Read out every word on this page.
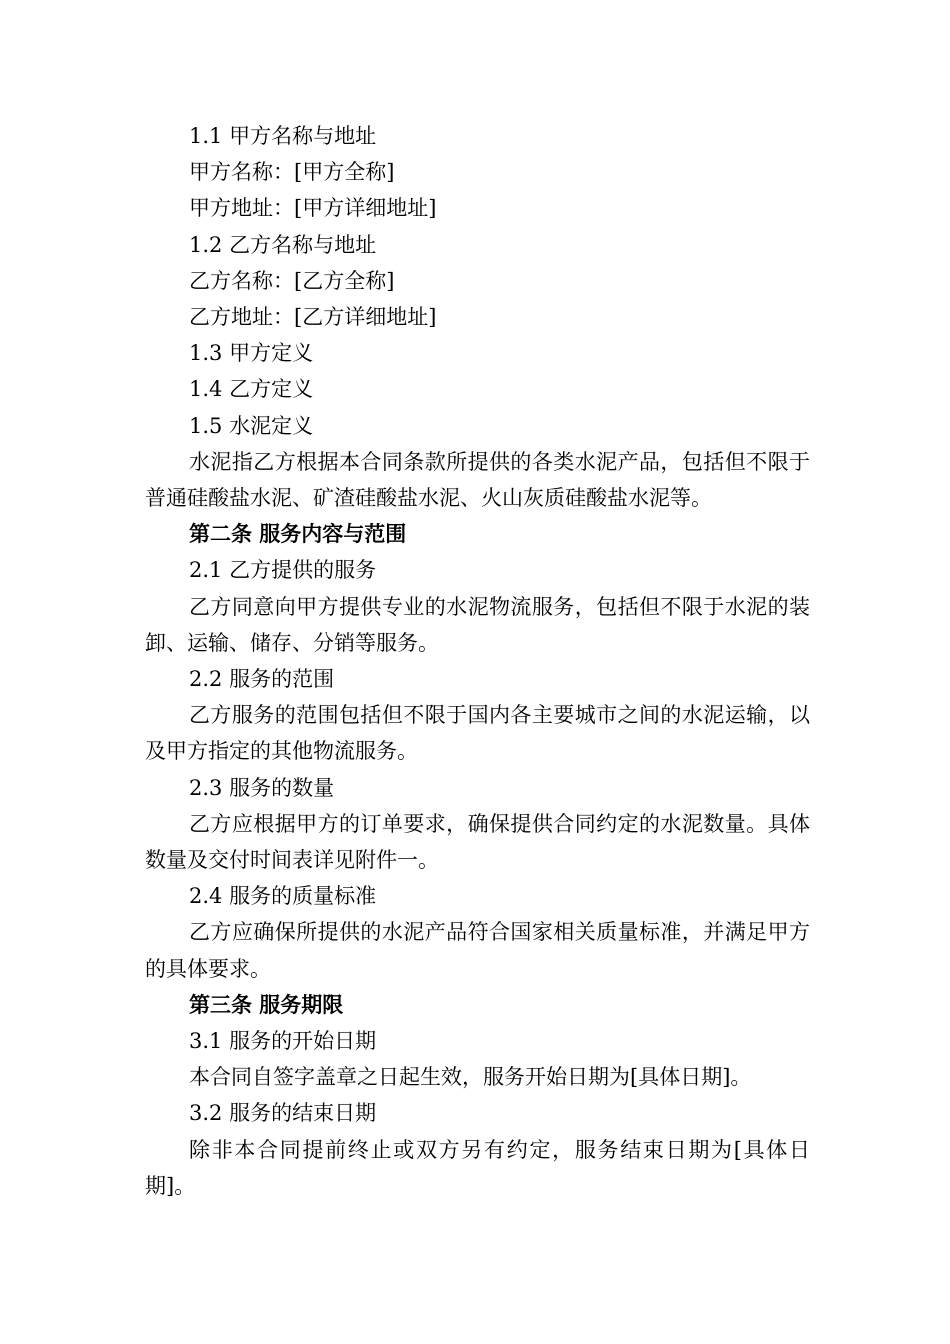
1.1 甲方名称与地址

甲方名称：[甲方全称]

甲方地址：[甲方详细地址]

1.2 乙方名称与地址

乙方名称：[乙方全称]

乙方地址：[乙方详细地址]

1.3 甲方定义

1.4 乙方定义

1.5 水泥定义

水泥指乙方根据本合同条款所提供的各类水泥产品，包括但不限于普通硅酸盐水泥、矿渣硅酸盐水泥、火山灰质硅酸盐水泥等。

第二条 服务内容与范围

2.1 乙方提供的服务

乙方同意向甲方提供专业的水泥物流服务，包括但不限于水泥的装卸、运输、储存、分销等服务。

2.2 服务的范围

乙方服务的范围包括但不限于国内各主要城市之间的水泥运输，以及甲方指定的其他物流服务。

2.3 服务的数量

乙方应根据甲方的订单要求，确保提供合同约定的水泥数量。具体数量及交付时间表详见附件一。

2.4 服务的质量标准

乙方应确保所提供的水泥产品符合国家相关质量标准，并满足甲方的具体要求。

第三条 服务期限

3.1 服务的开始日期

本合同自签字盖章之日起生效，服务开始日期为[具体日期]。

3.2 服务的结束日期

除非本合同提前终止或双方另有约定，服务结束日期为[具体日期]。
